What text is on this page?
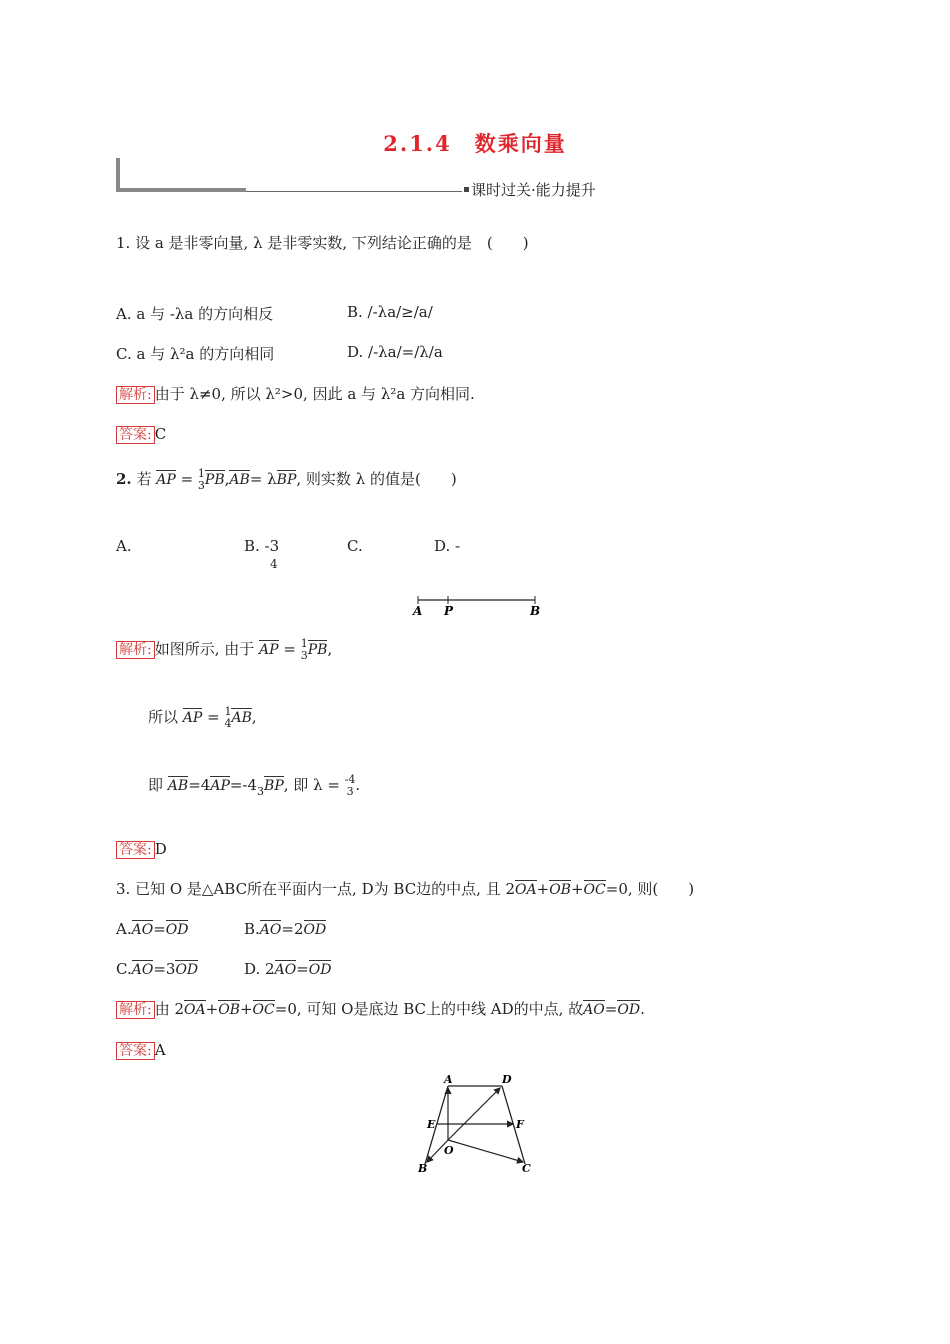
2.1.4　数乘向量
课时过关·能力提升
1. 设 a 是非零向量, λ 是非零实数, 下列结论正确的是　(　　)
A. a 与 -λa 的方向相反	B. /-λa/≥/a/
C. a 与 λ²a 的方向相同	D. /-λa/=/λ/a
解析: 由于 λ≠0, 所以 λ²>0, 因此 a 与 λ²a 方向相同.
答案: C
2. 若 AP = 1
3PB,AB= λBP, 则实数 λ 的值是(　　)
A.	B. -3
4
C.	D. -
A P	B
解析: 如图所示, 由于 AP = 1
3PB,
所以 AP = 1
4AB,
即 AB=4AP=-4
3BP, 即 λ = -4
3 .
答案: D
3. 已知 O 是△ABC所在平面内一点, D为 BC边的中点, 且 2OA+OB+OC=0, 则(　　)
A.AO=OD	B.AO=2OD
C.AO=3OD	D. 2AO=OD
解析: 由 2OA+OB+OC=0, 可知 O是底边 BC上的中线 AD的中点, 故AO=OD.
答案: A
A	D
E	F
O
B	C
